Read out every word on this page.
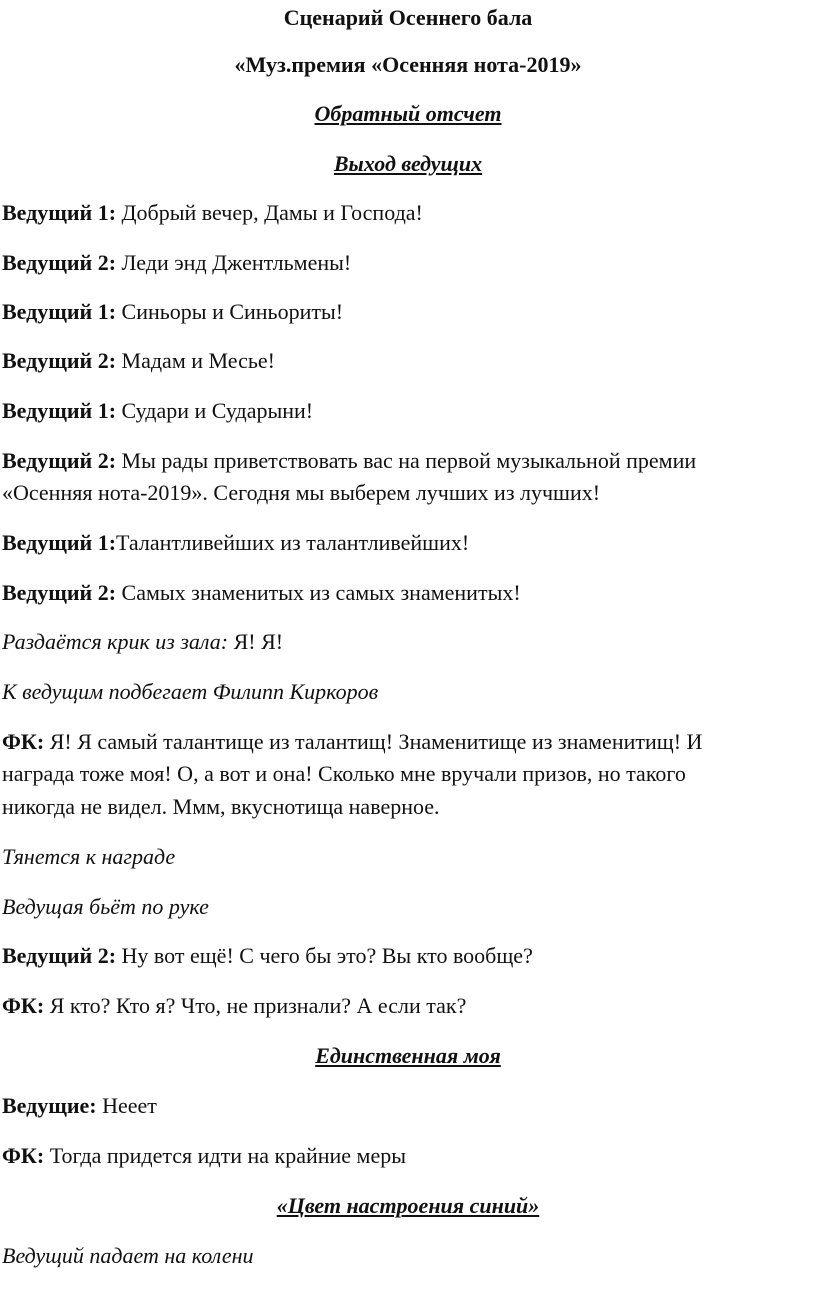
Сценарий Осеннего бала
«Муз.премия «Осенняя нота-2019»
Обратный отсчет
Выход ведущих
Ведущий 1: Добрый вечер, Дамы и Господа!
Ведущий 2: Леди энд Джентльмены!
Ведущий 1: Синьоры и Синьориты!
Ведущий 2: Мадам и Месье!
Ведущий 1: Судари и Сударыни!
Ведущий 2: Мы рады приветствовать вас на первой музыкальной премии
«Осенняя нота-2019». Сегодня мы выберем лучших из лучших!
Ведущий 1:Талантливейших из талантливейших!
Ведущий 2: Самых знаменитых из самых знаменитых!
Раздаётся крик из зала: Я! Я!
К ведущим подбегает Филипп Киркоров
ФК: Я! Я самый талантище из талантищ! Знаменитище из знаменитищ! И
награда тоже моя! О, а вот и она! Сколько мне вручали призов, но такого
никогда не видел. Ммм, вкуснотища наверное.
Тянется к награде
Ведущая бьёт по руке
Ведущий 2: Ну вот ещё! С чего бы это? Вы кто вообще?
ФК: Я кто? Кто я? Что, не признали? А если так?
Единственная моя
Ведущие: Нееет
ФК: Тогда придется идти на крайние меры
«Цвет настроения синий»
Ведущий падает на колени
